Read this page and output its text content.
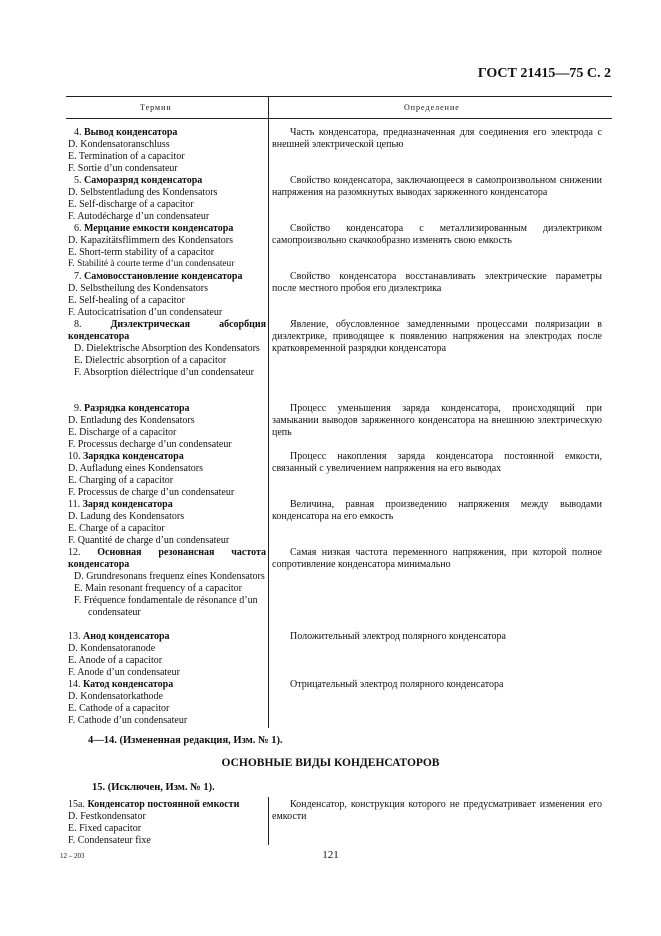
ГОСТ 21415—75 С. 2
Термин	Определение
4. Вывод конденсатора
D. Kondensatoranschluss
E. Termination of a capacitor
F. Sortie d’un condensateur
Часть конденсатора, предназначенная для соединения его электрода с внешней электрической цепью
5. Саморазряд конденсатора
D. Selbstentladung des Kondensators
E. Self-discharge of a capacitor
F. Autodécharge d’un condensateur
Свойство конденсатора, заключающееся в самопроизвольном снижении напряжения на разомкнутых выводах заряженного конденсатора
6. Мерцание емкости конденсатора
D. Kapazitätsflimmern des Kondensators
E. Short-term stability of a capacitor
F. Stabilité à courte terme d’un condensateur
Свойство конденсатора с металлизированным диэлектриком самопроизвольно скачкообразно изменять свою емкость
7. Самовосстановление конденсатора
D. Selbstheilung des Kondensators
E. Self-healing of a capacitor
F. Autocicatrisation d’un condensateur
Свойство конденсатора восстанавливать электрические параметры после местного пробоя его диэлектрика
8. Диэлектрическая абсорбция конденсатора
D. Dielektrische Absorption des Kondensators
E. Dielectric absorption of a capacitor
F. Absorption diélectrique d’un condensateur
Явление, обусловленное замедленными процессами поляризации в диэлектрике, приводящее к появлению напряжения на электродах после кратковременной разрядки конденсатора
9. Разрядка конденсатора
D. Entladung des Kondensators
E. Discharge of a capacitor
F. Processus decharge d’un condensateur
Процесс уменьшения заряда конденсатора, происходящий при замыкании выводов заряженного конденсатора на внешнюю электрическую цепь
10. Зарядка конденсатора
D. Aufladung eines Kondensators
E. Charging of a capacitor
F. Processus de charge d’un condensateur
Процесс накопления заряда конденсатора постоянной емкости, связанный с увеличением напряжения на его выводах
11. Заряд конденсатора
D. Ladung des Kondensators
E. Charge of a capacitor
F. Quantité de charge d’un condensateur
Величина, равная произведению напряжения между выводами конденсатора на его емкость
12. Основная резонансная частота конденсатора
D. Grundresonans frequenz eines Kondensators
E. Main resonant frequency of a capacitor
F. Fréquence fondamentale de résonance d’un condensateur
Самая низкая частота переменного напряжения, при которой полное сопротивление конденсатора минимально
13. Анод конденсатора
D. Kondensatoranode
E. Anode of a capacitor
F. Anode d’un condensateur
Положительный электрод полярного конденсатора
14. Катод конденсатора
D. Kondensatorkathode
E. Cathode of a capacitor
F. Cathode d’un condensateur
Отрицательный электрод полярного конденсатора
4—14. (Измененная редакция, Изм. № 1).
ОСНОВНЫЕ ВИДЫ КОНДЕНСАТОРОВ
15. (Исключен, Изм. № 1).
15а. Конденсатор постоянной емкости
D. Festkondensator
E. Fixed capacitor
F. Condensateur fixe
Конденсатор, конструкция которого не предусматривает изменения его емкости
12 – 203	121
